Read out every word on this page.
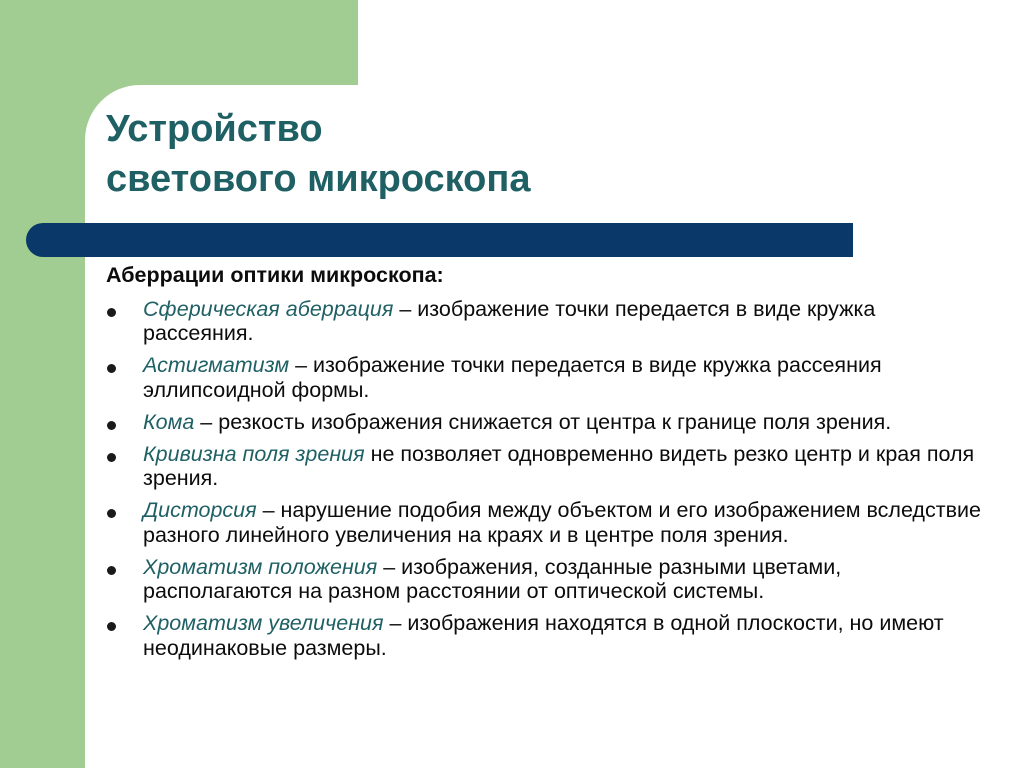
Устройство
светового микроскопа
Аберрации оптики микроскопа:
Сферическая аберрация – изображение точки передается в виде кружка рассеяния.
Астигматизм – изображение точки передается в виде кружка рассеяния эллипсоидной формы.
Кома – резкость изображения снижается от центра к границе поля зрения.
Кривизна поля зрения не позволяет одновременно видеть резко центр и края поля зрения.
Дисторсия – нарушение подобия между объектом и его изображением вследствие разного линейного увеличения на краях и в центре поля зрения.
Хроматизм положения – изображения, созданные разными цветами, располагаются на разном расстоянии от оптической системы.
Хроматизм увеличения – изображения находятся в одной плоскости, но имеют неодинаковые размеры.
